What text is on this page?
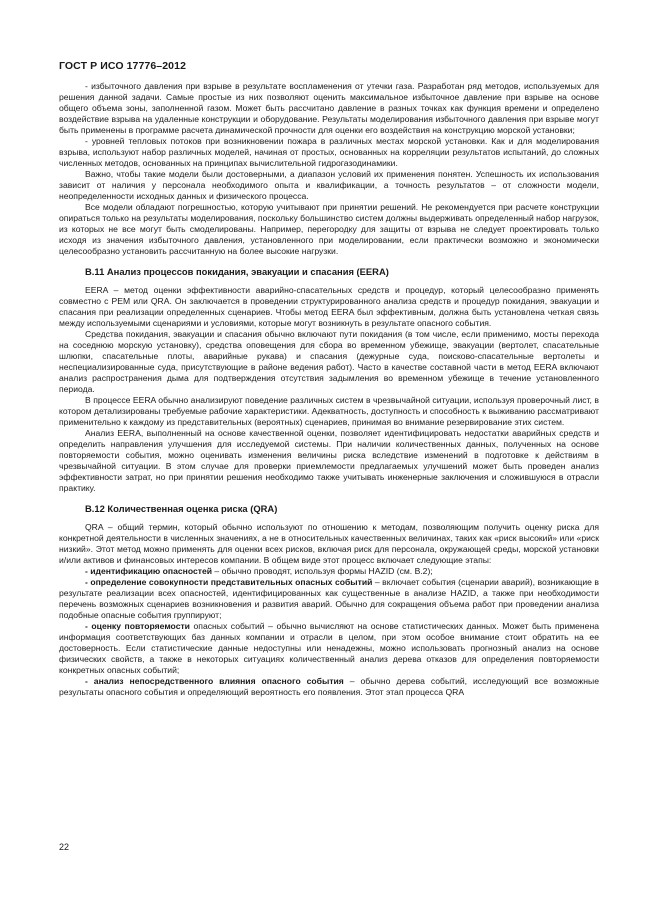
ГОСТ Р ИСО 17776–2012

- избыточного давления при взрыве в результате воспламенения от утечки газа. Разработан ряд методов, используемых для решения данной задачи. Самые простые из них позволяют оценить максимальное избыточное давление при взрыве на основе общего объема зоны, заполненной газом. Может быть рассчитано давление в разных точках как функция времени и определено воздействие взрыва на удаленные конструкции и оборудование. Результаты моделирования избыточного давления при взрыве могут быть применены в программе расчета динамической прочности для оценки его воздействия на конструкцию морской установки;

- уровней тепловых потоков при возникновении пожара в различных местах морской установки. Как и для моделирования взрыва, используют набор различных моделей, начиная от простых, основанных на корреляции результатов испытаний, до сложных численных методов, основанных на принципах вычислительной гидрогазодинамики.

Важно, чтобы такие модели были достоверными, а диапазон условий их применения понятен. Успешность их использования зависит от наличия у персонала необходимого опыта и квалификации, а точность результатов – от сложности модели, неопределенности исходных данных и физического процесса.

Все модели обладают погрешностью, которую учитывают при принятии решений. Не рекомендуется при расчете конструкции опираться только на результаты моделирования, поскольку большинство систем должны выдерживать определенный набор нагрузок, из которых не все могут быть смоделированы. Например, перегородку для защиты от взрыва не следует проектировать только исходя из значения избыточного давления, установленного при моделировании, если практически возможно и экономически целесообразно установить рассчитанную на более высокие нагрузки.

B.11 Анализ процессов покидания, эвакуации и спасания (EERA)

EERA – метод оценки эффективности аварийно-спасательных средств и процедур, который целесообразно применять совместно с PEM или QRA. Он заключается в проведении структурированного анализа средств и процедур покидания, эвакуации и спасания при реализации определенных сценариев. Чтобы метод EERA был эффективным, должна быть установлена четкая связь между используемыми сценариями и условиями, которые могут возникнуть в результате опасного события.

Средства покидания, эвакуации и спасания обычно включают пути покидания (в том числе, если применимо, мосты перехода на соседнюю морскую установку), средства оповещения для сбора во временном убежище, эвакуации (вертолет, спасательные шлюпки, спасательные плоты, аварийные рукава) и спасания (дежурные суда, поисково-спасательные вертолеты и неспециализированные суда, присутствующие в районе ведения работ). Часто в качестве составной части в метод EERA включают анализ распространения дыма для подтверждения отсутствия задымления во временном убежище в течение установленного периода.

В процессе EERA обычно анализируют поведение различных систем в чрезвычайной ситуации, используя проверочный лист, в котором детализированы требуемые рабочие характеристики. Адекватность, доступность и способность к выживанию рассматривают применительно к каждому из представительных (вероятных) сценариев, принимая во внимание резервирование этих систем.

Анализ EERA, выполненный на основе качественной оценки, позволяет идентифицировать недостатки аварийных средств и определить направления улучшения для исследуемой системы. При наличии количественных данных, полученных на основе повторяемости события, можно оценивать изменения величины риска вследствие изменений в подготовке к действиям в чрезвычайной ситуации. В этом случае для проверки приемлемости предлагаемых улучшений может быть проведен анализ эффективности затрат, но при принятии решения необходимо также учитывать инженерные заключения и сложившуюся в отрасли практику.

B.12 Количественная оценка риска (QRA)

QRA – общий термин, который обычно используют по отношению к методам, позволяющим получить оценку риска для конкретной деятельности в численных значениях, а не в относительных качественных величинах, таких как «риск высокий» или «риск низкий». Этот метод можно применять для оценки всех рисков, включая риск для персонала, окружающей среды, морской установки и/или активов и финансовых интересов компании. В общем виде этот процесс включает следующие этапы:

- идентификацию опасностей – обычно проводят, используя формы HAZID (см. B.2);

- определение совокупности представительных опасных событий – включает события (сценарии аварий), возникающие в результате реализации всех опасностей, идентифицированных как существенные в анализе HAZID, а также при необходимости перечень возможных сценариев возникновения и развития аварий. Обычно для сокращения объема работ при проведении анализа подобные опасные события группируют;

- оценку повторяемости опасных событий – обычно вычисляют на основе статистических данных. Может быть применена информация соответствующих баз данных компании и отрасли в целом, при этом особое внимание стоит обратить на ее достоверность. Если статистические данные недоступны или ненадежны, можно использовать прогнозный анализ на основе физических свойств, а также в некоторых ситуациях количественный анализ дерева отказов для определения повторяемости конкретных опасных событий;

- анализ непосредственного влияния опасного события – обычно дерева событий, исследующий все возможные результаты опасного события и определяющий вероятность его появления. Этот этап процесса QRA

22
